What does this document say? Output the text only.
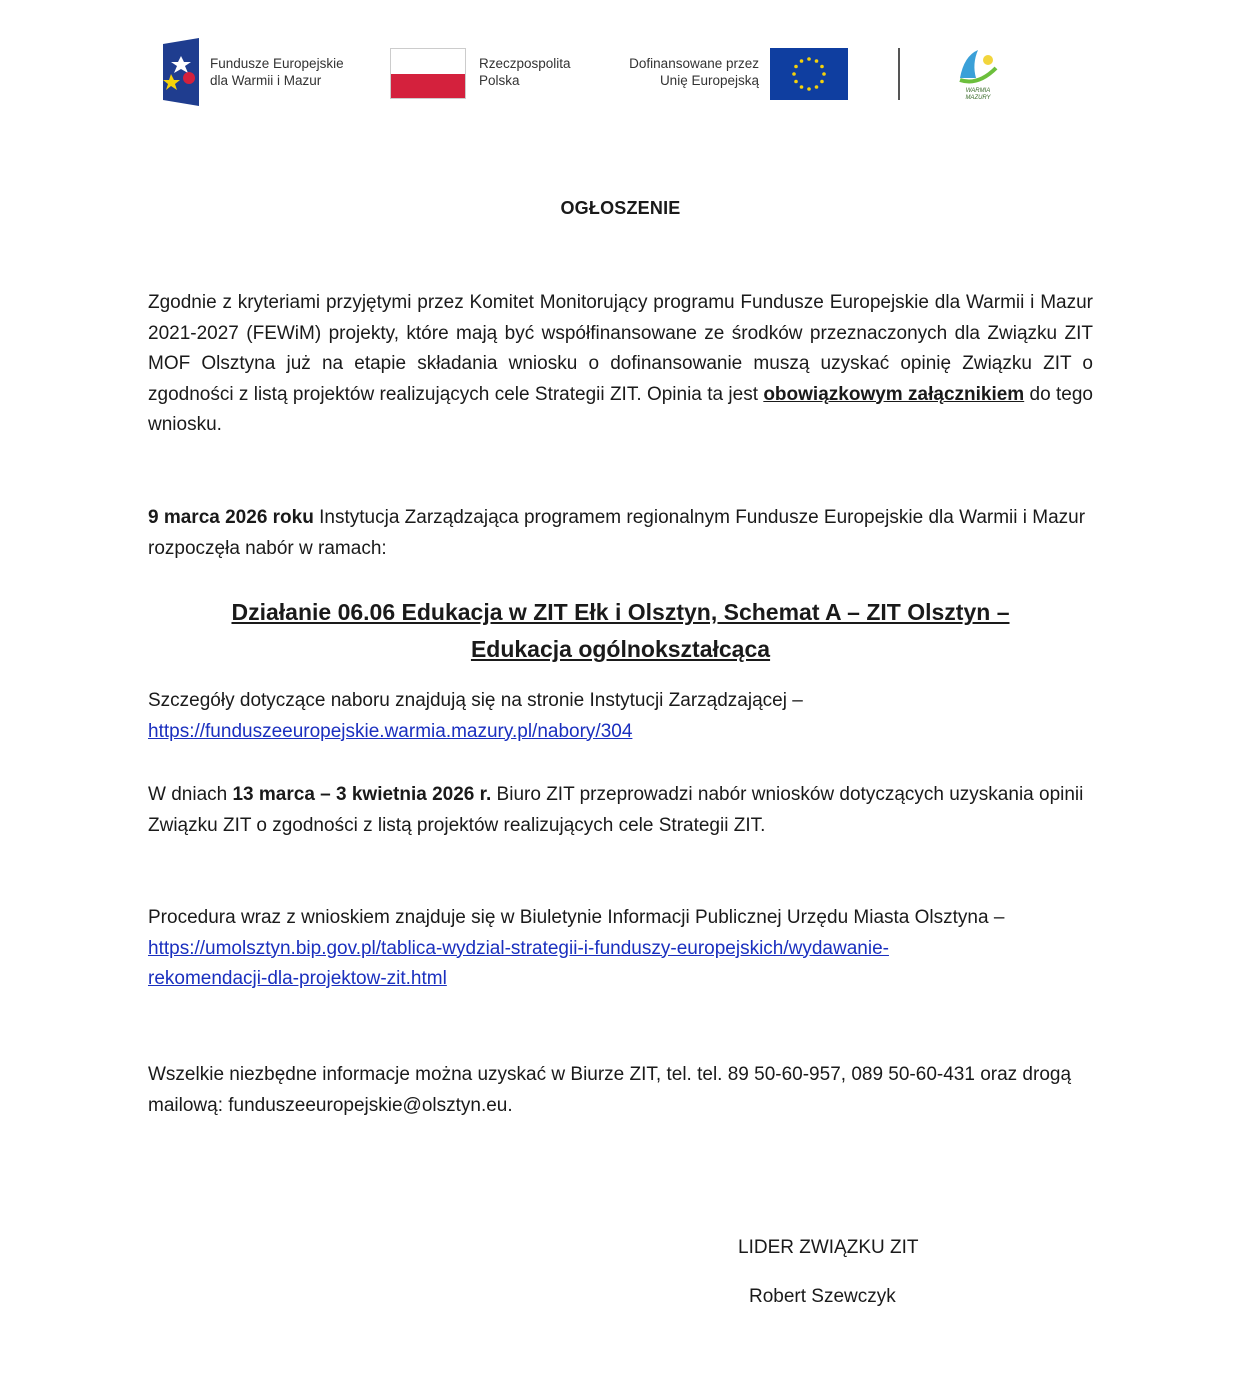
Fundusze Europejskie
dla Warmii i Mazur
Rzeczpospolita
Polska
Dofinansowane przez
Unię Europejską
WARMIA
MAZURY
OGŁOSZENIE
Zgodnie z kryteriami przyjętymi przez Komitet Monitorujący programu Fundusze Europejskie dla Warmii i Mazur 2021-2027 (FEWiM) projekty, które mają być współfinansowane ze środków przeznaczonych dla Związku ZIT MOF Olsztyna już na etapie składania wniosku o dofinansowanie muszą uzyskać opinię Związku ZIT o zgodności z listą projektów realizujących cele Strategii ZIT. Opinia ta jest obowiązkowym załącznikiem do tego wniosku.
9 marca 2026 roku Instytucja Zarządzająca programem regionalnym Fundusze Europejskie dla Warmii i Mazur rozpoczęła nabór w ramach:
Działanie 06.06 Edukacja w ZIT Ełk i Olsztyn, Schemat A – ZIT Olsztyn –
Edukacja ogólnokształcąca
Szczegóły dotyczące naboru znajdują się na stronie Instytucji Zarządzającej –
https://funduszeeuropejskie.warmia.mazury.pl/nabory/304
W dniach 13 marca – 3 kwietnia 2026 r. Biuro ZIT przeprowadzi nabór wniosków dotyczących uzyskania opinii Związku ZIT o zgodności z listą projektów realizujących cele Strategii ZIT.
Procedura wraz z wnioskiem znajduje się w Biuletynie Informacji Publicznej Urzędu Miasta Olsztyna –
https://umolsztyn.bip.gov.pl/tablica-wydzial-strategii-i-funduszy-europejskich/wydawanie-
rekomendacji-dla-projektow-zit.html
Wszelkie niezbędne informacje można uzyskać w Biurze ZIT, tel. tel. 89 50-60-957, 089 50-60-431 oraz drogą mailową: funduszeeuropejskie@olsztyn.eu.
LIDER ZWIĄZKU ZIT
Robert Szewczyk
